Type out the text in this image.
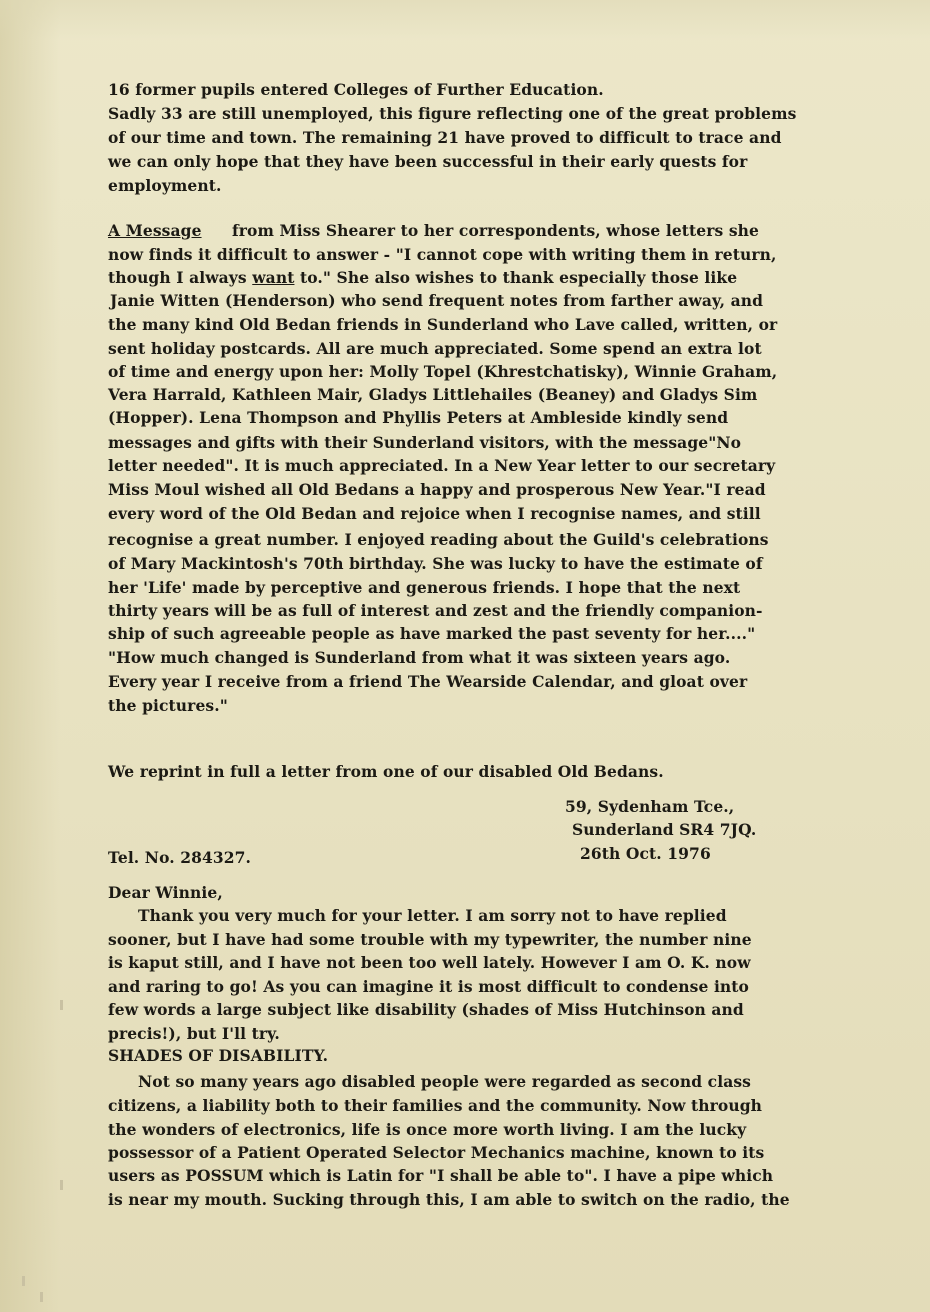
16 former pupils entered Colleges of Further Education.
Sadly 33 are still unemployed, this figure reflecting one of the great problems
of our time and town. The remaining 21 have proved to difficult to trace and
we can only hope that they have been successful in their early quests for
employment.
A Message from Miss Shearer to her correspondents, whose letters she
now finds it difficult to answer - "I cannot cope with writing them in return,
though I always want to." She also wishes to thank especially those like
Janie Witten (Henderson) who send frequent notes from farther away, and
the many kind Old Bedan friends in Sunderland who Lave called, written, or
sent holiday postcards. All are much appreciated. Some spend an extra lot
of time and energy upon her: Molly Topel (Khrestchatisky), Winnie Graham,
Vera Harrald, Kathleen Mair, Gladys Littlehailes (Beaney) and Gladys Sim
(Hopper). Lena Thompson and Phyllis Peters at Ambleside kindly send
messages and gifts with their Sunderland visitors, with the message"No
letter needed". It is much appreciated. In a New Year letter to our secretary
Miss Moul wished all Old Bedans a happy and prosperous New Year."I read
every word of the Old Bedan and rejoice when I recognise names, and still
recognise a great number. I enjoyed reading about the Guild's celebrations
of Mary Mackintosh's 70th birthday. She was lucky to have the estimate of
her 'Life' made by perceptive and generous friends. I hope that the next
thirty years will be as full of interest and zest and the friendly companion-
ship of such agreeable people as have marked the past seventy for her...."
"How much changed is Sunderland from what it was sixteen years ago.
Every year I receive from a friend The Wearside Calendar, and gloat over
the pictures."
We reprint in full a letter from one of our disabled Old Bedans.
59, Sydenham Tce.,
Sunderland SR4 7JQ.
Tel. No. 284327.	26th Oct. 1976
Dear Winnie,
Thank you very much for your letter. I am sorry not to have replied
sooner, but I have had some trouble with my typewriter, the number nine
is kaput still, and I have not been too well lately. However I am O. K. now
and raring to go! As you can imagine it is most difficult to condense into
few words a large subject like disability (shades of Miss Hutchinson and
precis!), but I'll try.
SHADES OF DISABILITY.
Not so many years ago disabled people were regarded as second class
citizens, a liability both to their families and the community. Now through
the wonders of electronics, life is once more worth living. I am the lucky
possessor of a Patient Operated Selector Mechanics machine, known to its
users as POSSUM which is Latin for "I shall be able to". I have a pipe which
is near my mouth. Sucking through this, I am able to switch on the radio, the
